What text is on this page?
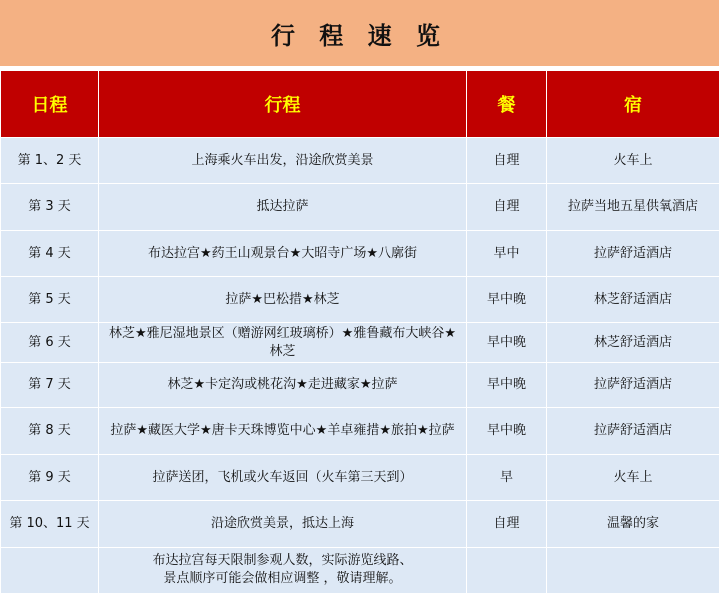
行 程 速 览
日程	行程	餐	宿
第 1、2 天	上海乘火车出发，沿途欣赏美景	自理	火车上
第 3 天	抵达拉萨	自理	拉萨当地五星供氧酒店
第 4 天	布达拉宫★药王山观景台★大昭寺广场★八廓街	早中	拉萨舒适酒店
第 5 天	拉萨★巴松措★林芝	早中晚	林芝舒适酒店
第 6 天	林芝★雅尼湿地景区（赠游网红玻璃桥）★雅鲁藏布大峡谷★林芝	早中晚	林芝舒适酒店
第 7 天	林芝★卡定沟或桃花沟★走进藏家★拉萨	早中晚	拉萨舒适酒店
第 8 天	拉萨★藏医大学★唐卡天珠博览中心★羊卓雍措★旅拍★拉萨	早中晚	拉萨舒适酒店
第 9 天	拉萨送团，飞机或火车返回（火车第三天到）	早	火车上
第 10、11 天	沿途欣赏美景，抵达上海	自理	温馨的家

	布达拉宫每天限制参观人数，实际游览线路、
景点顺序可能会做相应调整 ，敬请理解。		
